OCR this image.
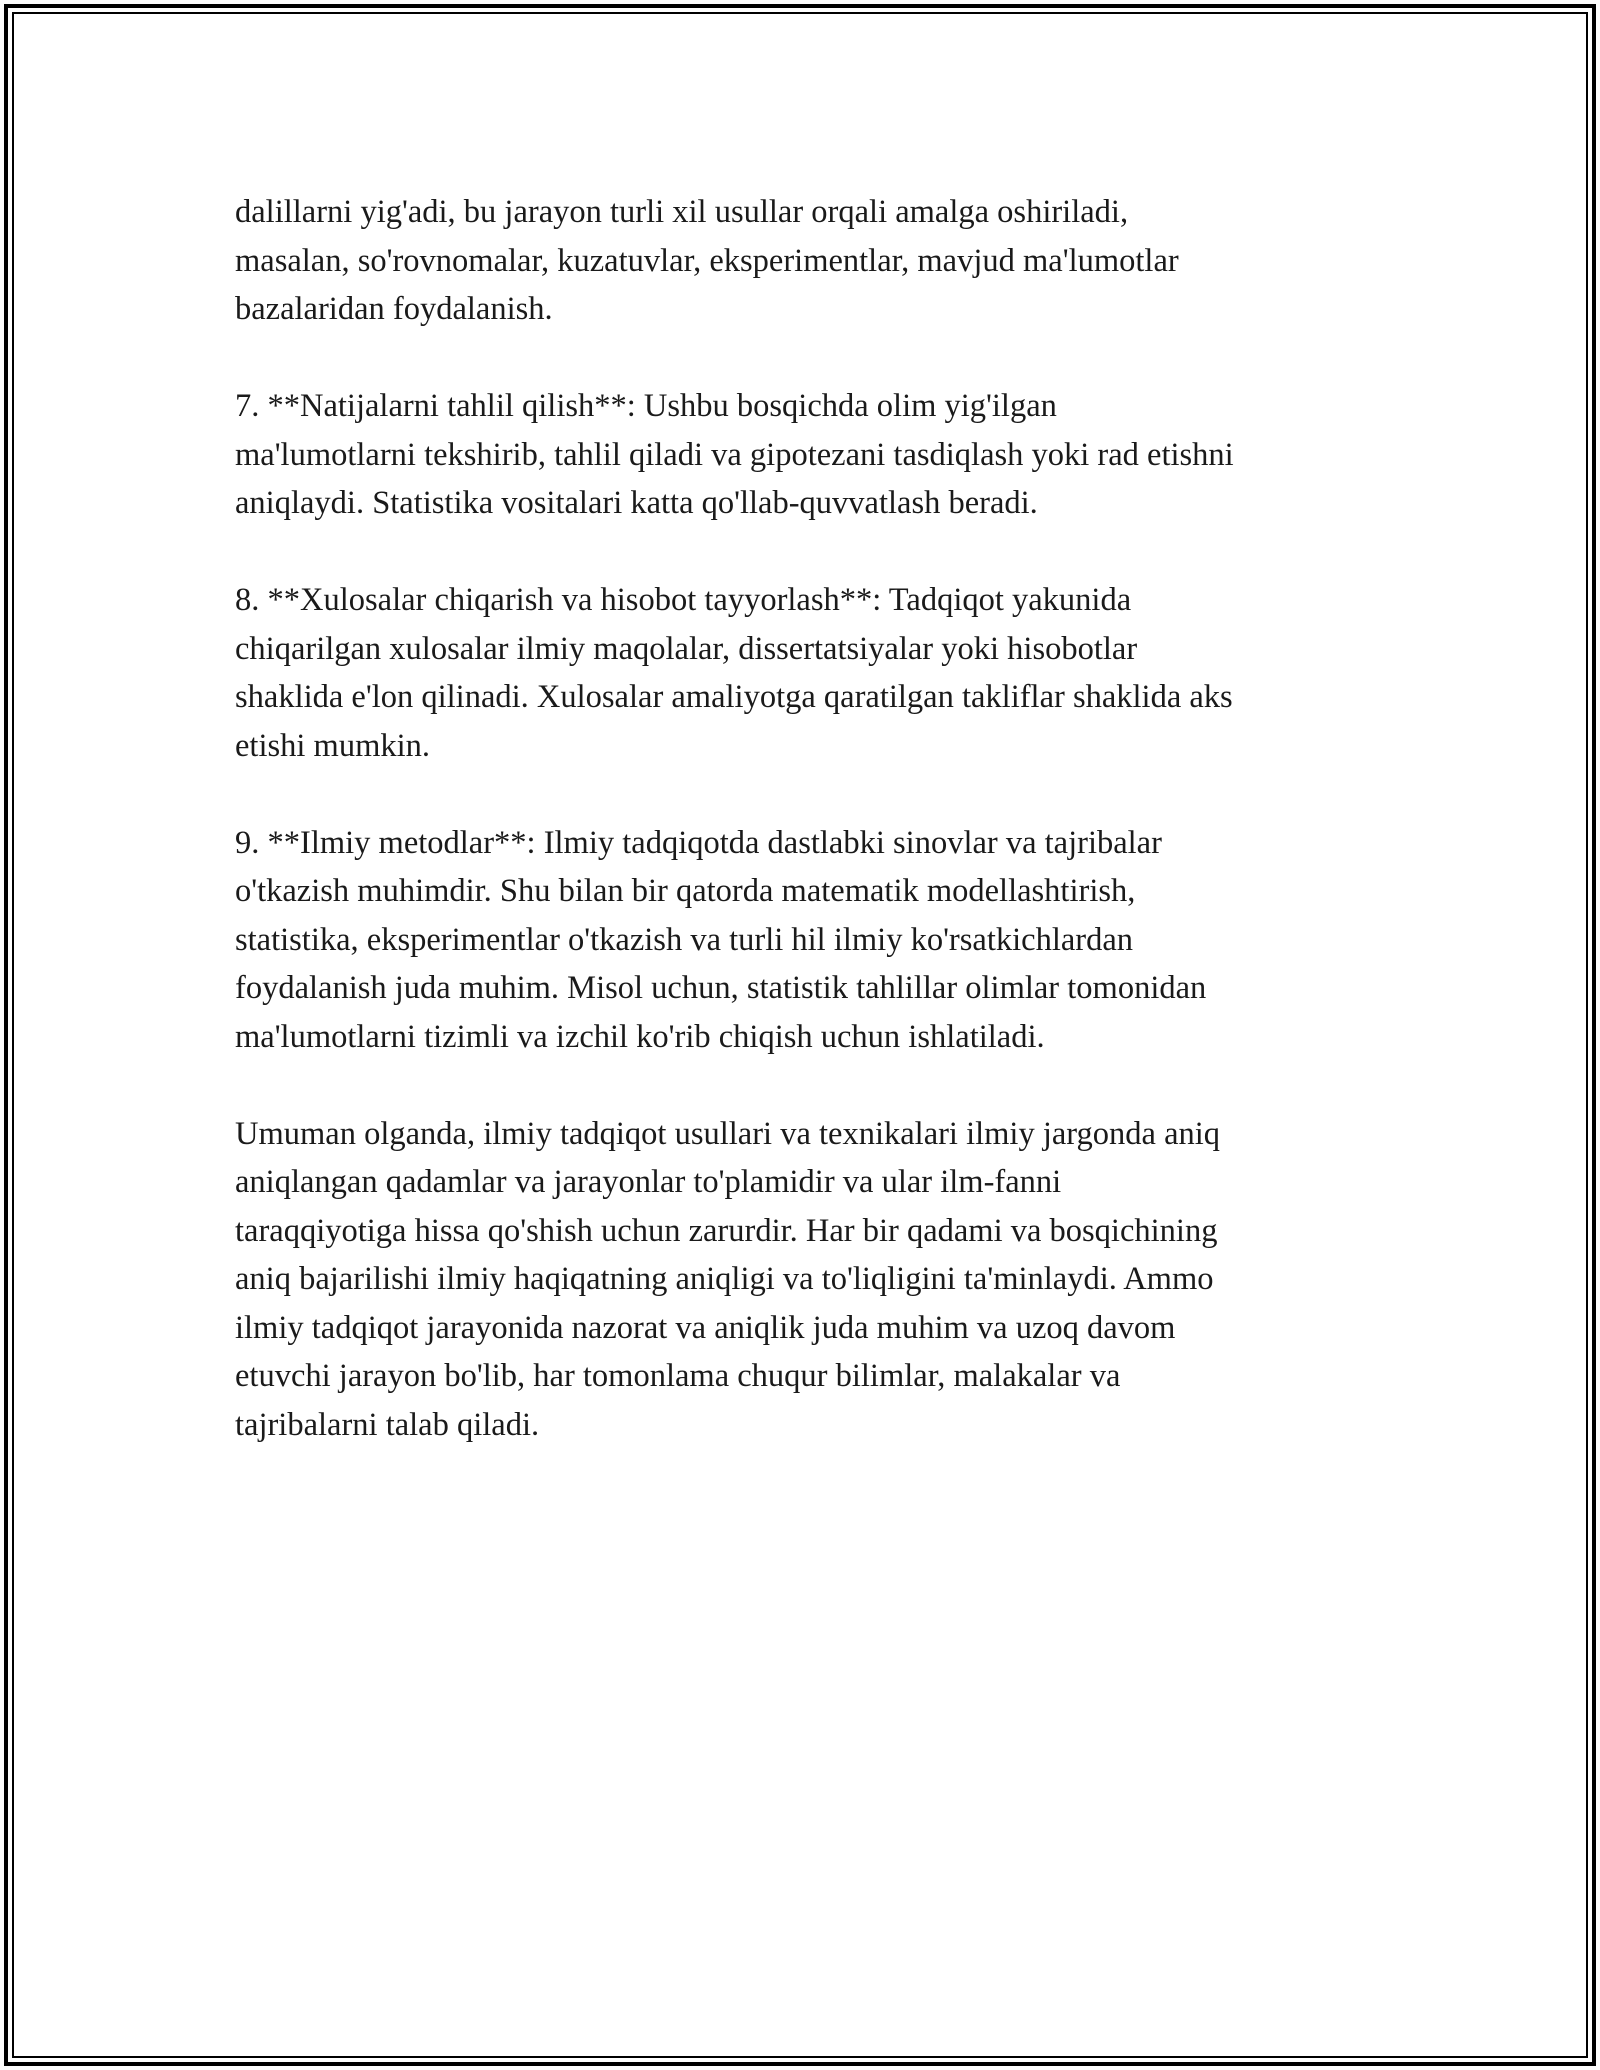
dalillarni yig'adi, bu jarayon turli xil usullar orqali amalga oshiriladi,
masalan, so'rovnomalar, kuzatuvlar, eksperimentlar, mavjud ma'lumotlar
bazalaridan foydalanish.

7. **Natijalarni tahlil qilish**: Ushbu bosqichda olim yig'ilgan
ma'lumotlarni tekshirib, tahlil qiladi va gipotezani tasdiqlash yoki rad etishni
aniqlaydi. Statistika vositalari katta qo'llab-quvvatlash beradi.

8. **Xulosalar chiqarish va hisobot tayyorlash**: Tadqiqot yakunida
chiqarilgan xulosalar ilmiy maqolalar, dissertatsiyalar yoki hisobotlar
shaklida e'lon qilinadi. Xulosalar amaliyotga qaratilgan takliflar shaklida aks
etishi mumkin.

9. **Ilmiy metodlar**: Ilmiy tadqiqotda dastlabki sinovlar va tajribalar
o'tkazish muhimdir. Shu bilan bir qatorda matematik modellashtirish,
statistika, eksperimentlar o'tkazish va turli hil ilmiy ko'rsatkichlardan
foydalanish juda muhim. Misol uchun, statistik tahlillar olimlar tomonidan
ma'lumotlarni tizimli va izchil ko'rib chiqish uchun ishlatiladi.

Umuman olganda, ilmiy tadqiqot usullari va texnikalari ilmiy jargonda aniq
aniqlangan qadamlar va jarayonlar to'plamidir va ular ilm-fanni
taraqqiyotiga hissa qo'shish uchun zarurdir. Har bir qadami va bosqichining
aniq bajarilishi ilmiy haqiqatning aniqligi va to'liqligini ta'minlaydi. Ammo
ilmiy tadqiqot jarayonida nazorat va aniqlik juda muhim va uzoq davom
etuvchi jarayon bo'lib, har tomonlama chuqur bilimlar, malakalar va
tajribalarni talab qiladi.
